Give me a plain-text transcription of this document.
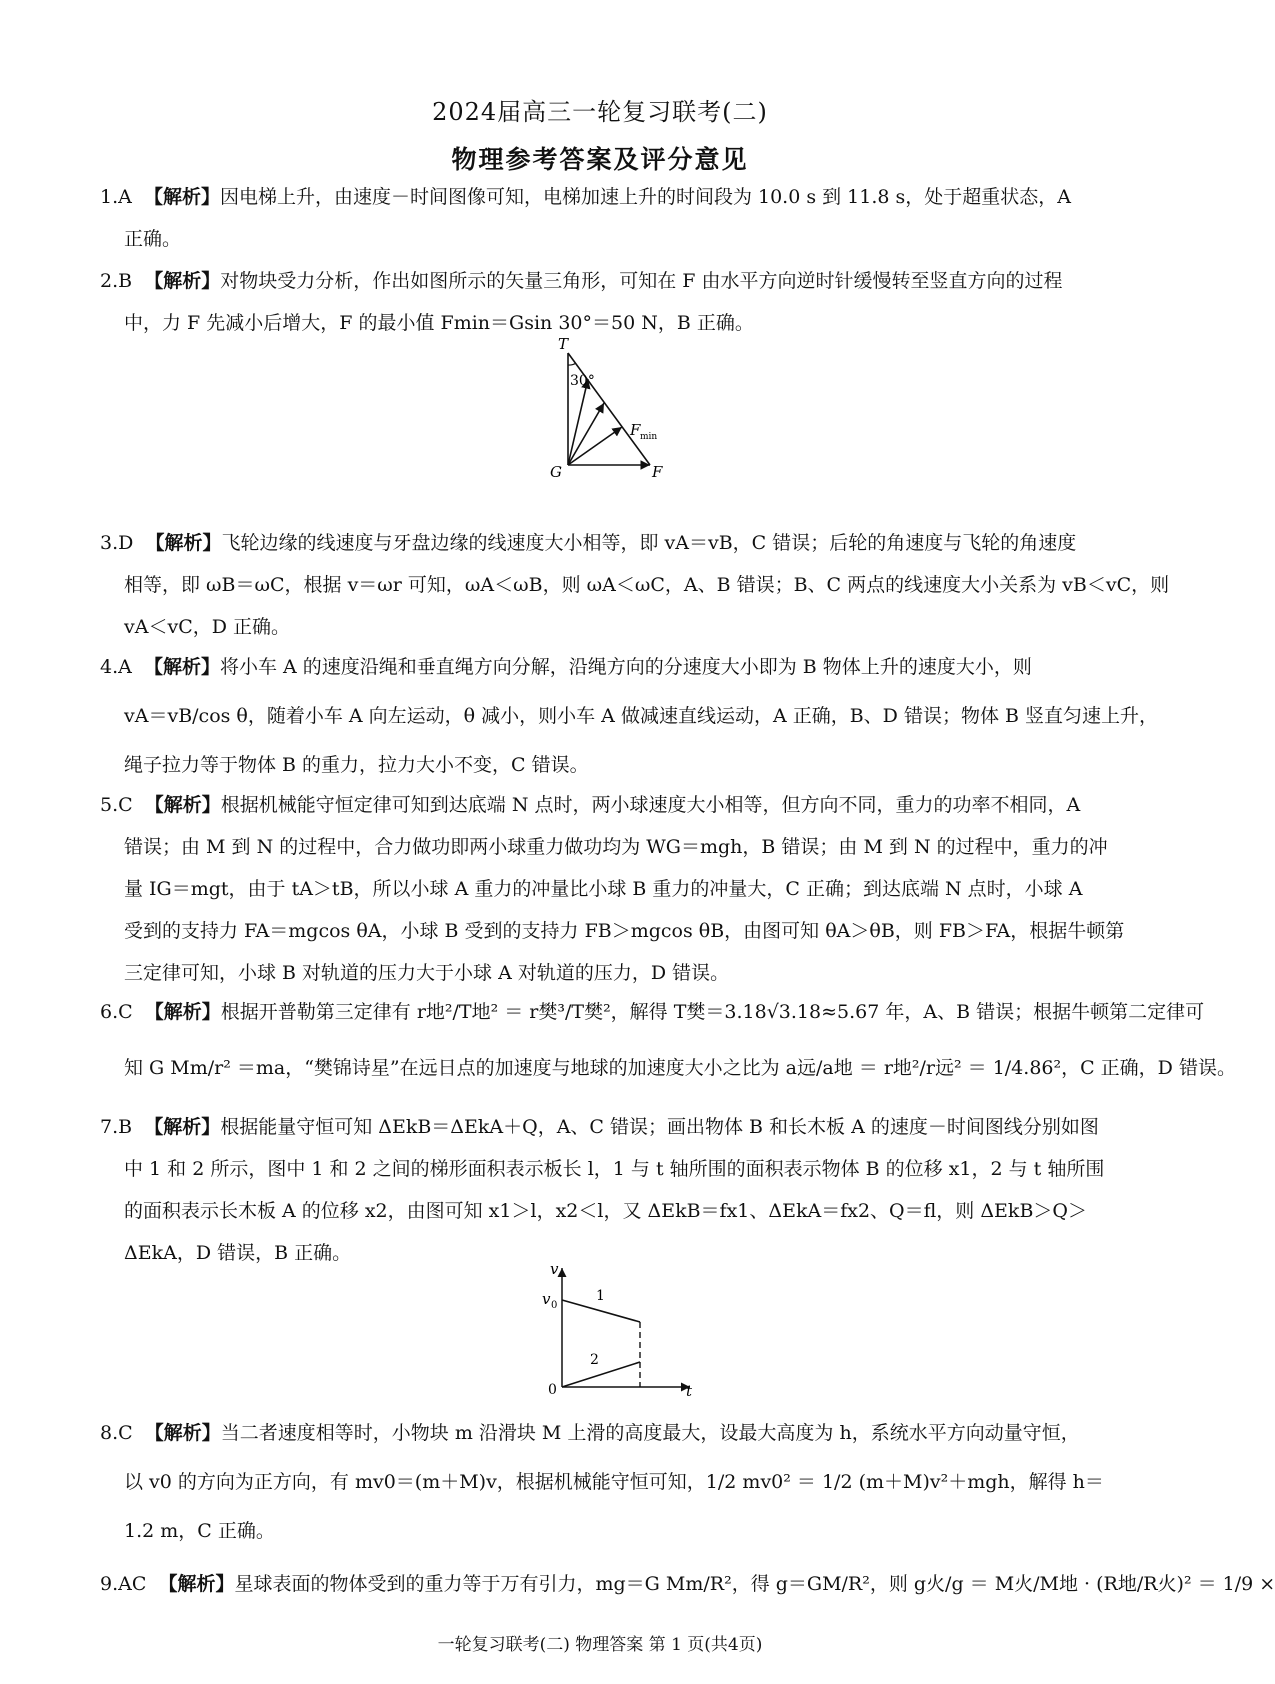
2024届高三一轮复习联考(二)
物理参考答案及评分意见
1.A 【解析】因电梯上升，由速度－时间图像可知，电梯加速上升的时间段为 10.0 s 到 11.8 s，处于超重状态，A
正确。
2.B 【解析】对物块受力分析，作出如图所示的矢量三角形，可知在 F 由水平方向逆时针缓慢转至竖直方向的过程
中，力 F 先减小后增大，F 的最小值 Fmin＝Gsin 30°＝50 N，B 正确。
T
30°
G	F
F min
3.D 【解析】飞轮边缘的线速度与牙盘边缘的线速度大小相等，即 vA＝vB，C 错误；后轮的角速度与飞轮的角速度
相等，即 ωB＝ωC，根据 v＝ωr 可知，ωA＜ωB，则 ωA＜ωC，A、B 错误；B、C 两点的线速度大小关系为 vB＜vC，则
vA＜vC，D 正确。
4.A 【解析】将小车 A 的速度沿绳和垂直绳方向分解，沿绳方向的分速度大小即为 B 物体上升的速度大小，则
vA＝vB/cos θ，随着小车 A 向左运动，θ 减小，则小车 A 做减速直线运动，A 正确，B、D 错误；物体 B 竖直匀速上升，
绳子拉力等于物体 B 的重力，拉力大小不变，C 错误。
5.C 【解析】根据机械能守恒定律可知到达底端 N 点时，两小球速度大小相等，但方向不同，重力的功率不相同，A
错误；由 M 到 N 的过程中，合力做功即两小球重力做功均为 WG＝mgh，B 错误；由 M 到 N 的过程中，重力的冲
量 IG＝mgt，由于 tA＞tB，所以小球 A 重力的冲量比小球 B 重力的冲量大，C 正确；到达底端 N 点时，小球 A
受到的支持力 FA＝mgcos θA，小球 B 受到的支持力 FB＞mgcos θB，由图可知 θA＞θB，则 FB＞FA，根据牛顿第
三定律可知，小球 B 对轨道的压力大于小球 A 对轨道的压力，D 错误。
6.C 【解析】根据开普勒第三定律有 r地²/T地² ＝ r樊³/T樊²，解得 T樊＝3.18√3.18≈5.67 年，A、B 错误；根据牛顿第二定律可
知 G Mm/r² ＝ma，“樊锦诗星”在远日点的加速度与地球的加速度大小之比为 a远/a地 ＝ r地²/r远² ＝ 1/4.86²，C 正确，D 错误。
7.B 【解析】根据能量守恒可知 ΔEkB＝ΔEkA＋Q，A、C 错误；画出物体 B 和长木板 A 的速度－时间图线分别如图
中 1 和 2 所示，图中 1 和 2 之间的梯形面积表示板长 l，1 与 t 轴所围的面积表示物体 B 的位移 x1，2 与 t 轴所围
的面积表示长木板 A 的位移 x2，由图可知 x1＞l，x2＜l，又 ΔEkB＝fx1、ΔEkA＝fx2、Q＝fl，则 ΔEkB＞Q＞
ΔEkA，D 错误，B 正确。
v
v 0
0	t
1
2
8.C 【解析】当二者速度相等时，小物块 m 沿滑块 M 上滑的高度最大，设最大高度为 h，系统水平方向动量守恒，
以 v0 的方向为正方向，有 mv0＝(m＋M)v，根据机械能守恒可知，1/2 mv0² ＝ 1/2 (m＋M)v²＋mgh，解得 h＝
1.2 m，C 正确。
9.AC 【解析】星球表面的物体受到的重力等于万有引力，mg＝G Mm/R²，得 g＝GM/R²，则 g火/g ＝ M火/M地 · (R地/R火)² ＝ 1/9 ×
一轮复习联考(二) 物理答案 第 1 页(共4页)
